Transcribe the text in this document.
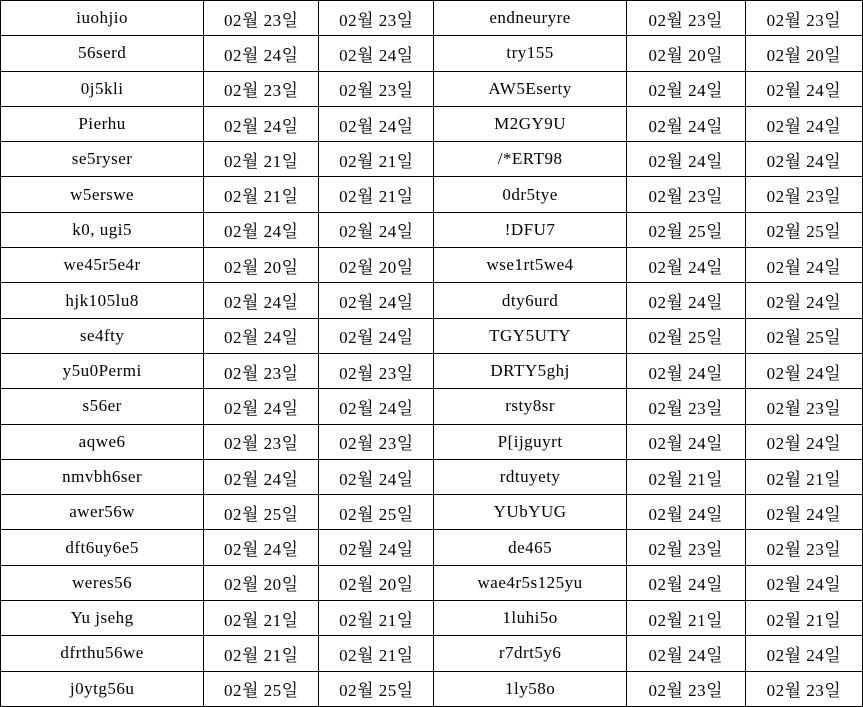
iuohjio	02월 23일	02월 23일	endneuryre	02월 23일	02월 23일
56serd	02월 24일	02월 24일	try155	02월 20일	02월 20일
0j5kli	02월 23일	02월 23일	AW5Eserty	02월 24일	02월 24일
Pierhu	02월 24일	02월 24일	M2GY9U	02월 24일	02월 24일
se5ryser	02월 21일	02월 21일	/*ERT98	02월 24일	02월 24일
w5erswe	02월 21일	02월 21일	0dr5tye	02월 23일	02월 23일
k0, ugi5	02월 24일	02월 24일	!DFU7	02월 25일	02월 25일
we45r5e4r	02월 20일	02월 20일	wse1rt5we4	02월 24일	02월 24일
hjk105lu8	02월 24일	02월 24일	dty6urd	02월 24일	02월 24일
se4fty	02월 24일	02월 24일	TGY5UTY	02월 25일	02월 25일
y5u0Permi	02월 23일	02월 23일	DRTY5ghj	02월 24일	02월 24일
s56er	02월 24일	02월 24일	rsty8sr	02월 23일	02월 23일
aqwe6	02월 23일	02월 23일	P[ijguyrt	02월 24일	02월 24일
nmvbh6ser	02월 24일	02월 24일	rdtuyety	02월 21일	02월 21일
awer56w	02월 25일	02월 25일	YUbYUG	02월 24일	02월 24일
dft6uy6e5	02월 24일	02월 24일	de465	02월 23일	02월 23일
weres56	02월 20일	02월 20일	wae4r5s125yu	02월 24일	02월 24일
Yu jsehg	02월 21일	02월 21일	1luhi5o	02월 21일	02월 21일
dfrthu56we	02월 21일	02월 21일	r7drt5y6	02월 24일	02월 24일
j0ytg56u	02월 25일	02월 25일	1ly58o	02월 23일	02월 23일
